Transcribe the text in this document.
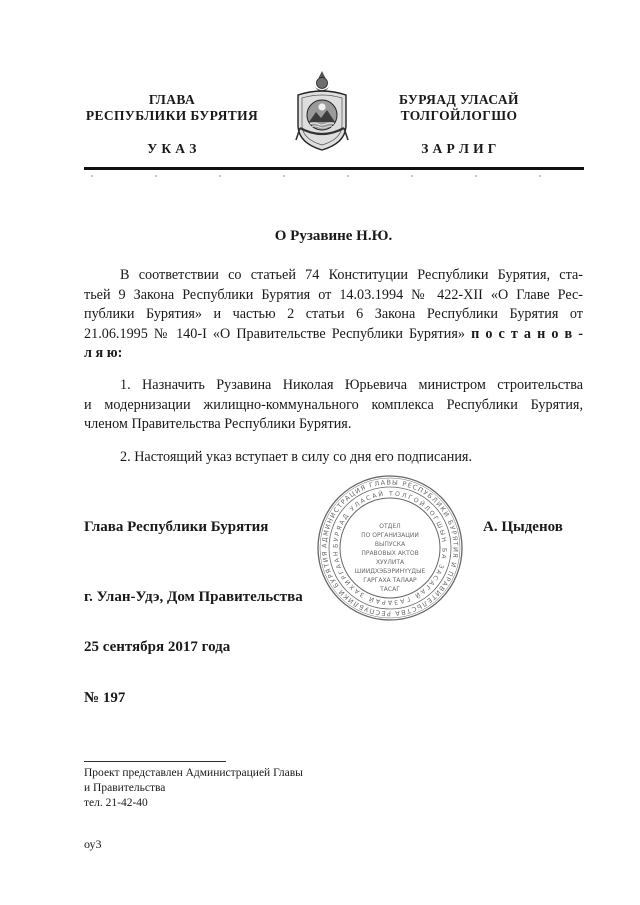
ГЛАВА
РЕСПУБЛИКИ БУРЯТИЯ
У К А З
БУРЯАД УЛАСАЙ
ТОЛГОЙЛОГШО
З А Р Л И Г
О Рузавине Н.Ю.
В соответствии со статьей 74 Конституции Республики Бурятия, ста-
тьей 9 Закона Республики Бурятия от 14.03.1994 № 422-XII «О Главе Рес-
публики Бурятия» и частью 2 статьи 6 Закона Республики Бурятия от
21.06.1995 № 140-I «О Правительстве Республики Бурятия» п о с т а н о в -
л я ю:
1. Назначить Рузавина Николая Юрьевича министром строительства
и модернизации жилищно-коммунального комплекса Республики Бурятия,
членом Правительства Республики Бурятия.
2. Настоящий указ вступает в силу со дня его подписания.
АДМИНИСТРАЦИЯ ГЛАВЫ РЕСПУБЛИКИ БУРЯТИЯ И ПРАВИТЕЛЬСТВА РЕСПУБЛИКИ БУРЯТИЯ
БУРЯАД УЛАСАЙ ТОЛГОЙЛОГШЫН БА ЗАСАГАЙ ГАЗАРАЙ ЗАХИРГААН
ОТДЕЛ
ПО ОРГАНИЗАЦИИ
ВЫПУСКА
ПРАВОВЫХ АКТОВ
ХУУЛИТА
ШИИДХЭБЭРИНҮҮДЫЕ
ГАРГАХА ТАЛААР
ТАСАГ
Глава Республики Бурятия	А. Цыденов
г. Улан-Удэ, Дом Правительства
25 сентября 2017 года
№ 197
Проект представлен Администрацией Главы
и Правительства
тел. 21-42-40
оу3
